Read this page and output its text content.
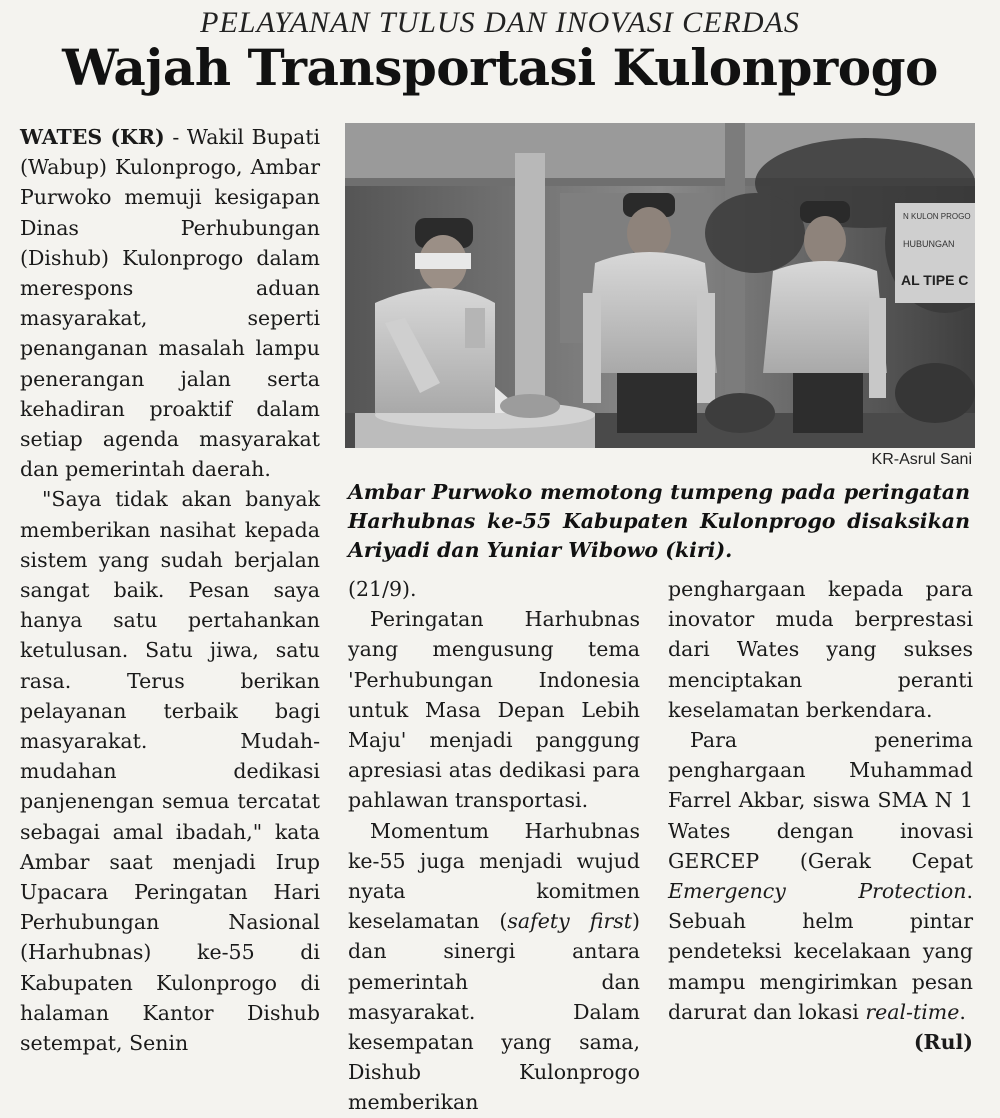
PELAYANAN TULUS DAN INOVASI CERDAS
Wajah Transportasi Kulonprogo

WATES (KR) - Wakil Bupati (Wabup) Kulonprogo, Ambar Purwoko memuji kesigapan Dinas Perhubungan (Dishub) Kulonprogo dalam merespons aduan masyarakat, seperti penanganan masalah lampu penerangan jalan serta kehadiran proaktif dalam setiap agenda masyarakat dan pemerintah daerah.

"Saya tidak akan banyak memberikan nasihat kepada sistem yang sudah berjalan sangat baik. Pesan saya hanya satu pertahankan ketulusan. Satu jiwa, satu rasa. Terus berikan pelayanan terbaik bagi masyarakat. Mudah-mudahan dedikasi panjenengan semua tercatat sebagai amal ibadah," kata Ambar saat menjadi Irup Upacara Peringatan Hari Perhubungan Nasional (Harhubnas) ke-55 di Kabupaten Kulonprogo di halaman Kantor Dishub setempat, Senin

N KULON PROGO
HUBUNGAN
AL TIPE C
KR-Asrul Sani
Ambar Purwoko memotong tumpeng pada peringatan Harhubnas ke-55 Kabupaten Kulonprogo disaksikan Ariyadi dan Yuniar Wibowo (kiri).

(21/9).

Peringatan Harhubnas yang mengusung tema 'Perhubungan Indonesia untuk Masa Depan Lebih Maju' menjadi panggung apresiasi atas dedikasi para pahlawan transportasi.

Momentum Harhubnas ke-55 juga menjadi wujud nyata komitmen keselamatan (safety first) dan sinergi antara pemerintah dan masyarakat. Dalam kesempatan yang sama, Dishub Kulonprogo memberikan

penghargaan kepada para inovator muda berprestasi dari Wates yang sukses menciptakan peranti keselamatan berkendara.

Para penerima penghargaan Muhammad Farrel Akbar, siswa SMA N 1 Wates dengan inovasi GERCEP (Gerak Cepat Emergency Protection. Sebuah helm pintar pendeteksi kecelakaan yang mampu mengirimkan pesan darurat dan lokasi real-time.

(Rul)
